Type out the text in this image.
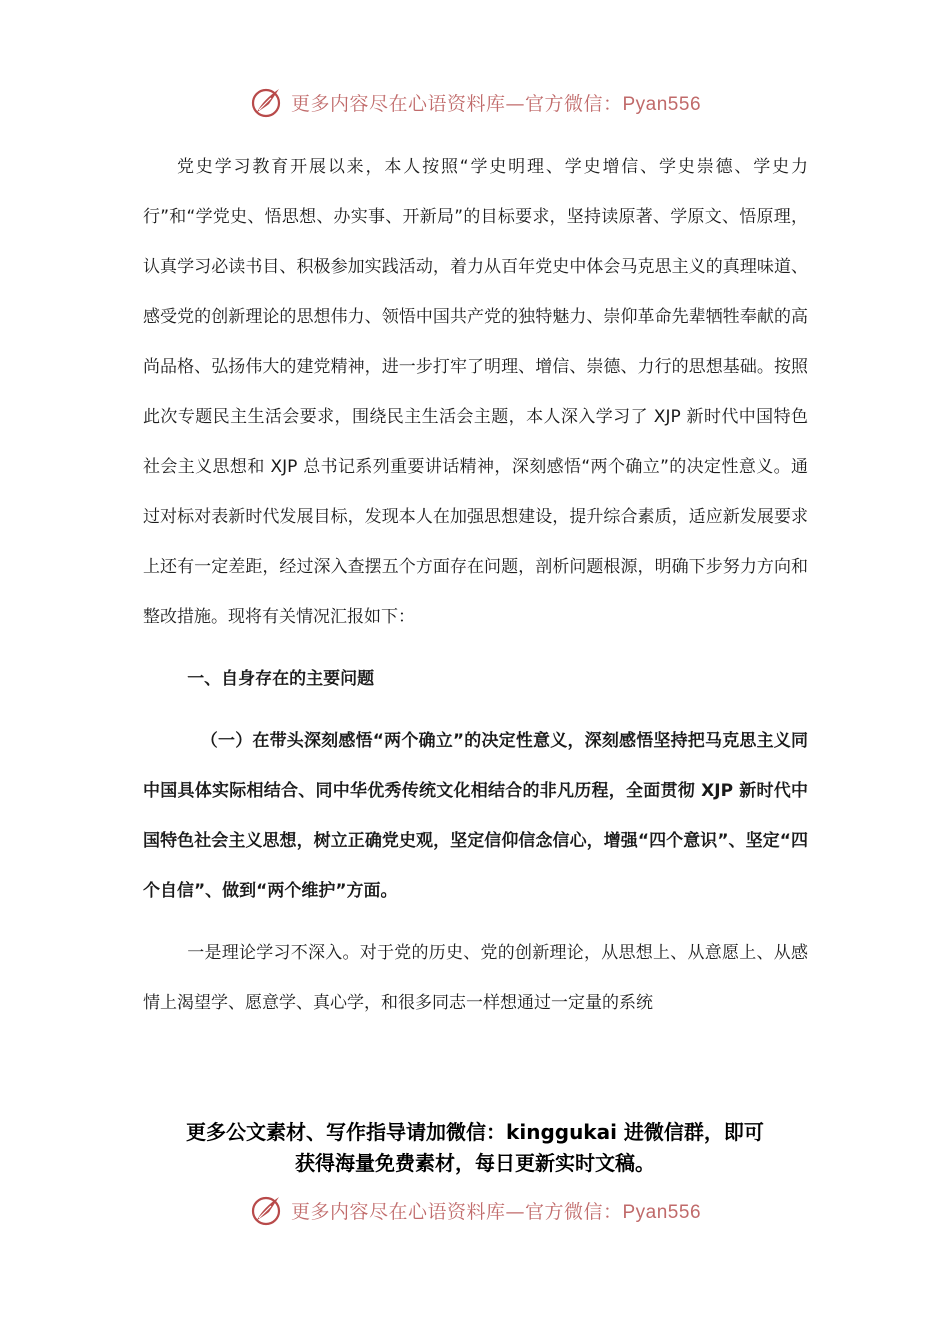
更多内容尽在心语资料库—官方微信：Pyan556

党史学习教育开展以来，本人按照“学史明理、学史增信、学史崇德、学史力行”和“学党史、悟思想、办实事、开新局”的目标要求，坚持读原著、学原文、悟原理，认真学习必读书目、积极参加实践活动，着力从百年党史中体会马克思主义的真理味道、感受党的创新理论的思想伟力、领悟中国共产党的独特魅力、崇仰革命先辈牺牲奉献的高尚品格、弘扬伟大的建党精神，进一步打牢了明理、增信、崇德、力行的思想基础。按照此次专题民主生活会要求，围绕民主生活会主题，本人深入学习了 XJP 新时代中国特色社会主义思想和 XJP 总书记系列重要讲话精神，深刻感悟“两个确立”的决定性意义。通过对标对表新时代发展目标，发现本人在加强思想建设，提升综合素质，适应新发展要求上还有一定差距，经过深入查摆五个方面存在问题，剖析问题根源，明确下步努力方向和整改措施。现将有关情况汇报如下：

一、自身存在的主要问题

（一）在带头深刻感悟“两个确立”的决定性意义，深刻感悟坚持把马克思主义同中国具体实际相结合、同中华优秀传统文化相结合的非凡历程，全面贯彻 XJP 新时代中国特色社会主义思想，树立正确党史观，坚定信仰信念信心，增强“四个意识”、坚定“四个自信”、做到“两个维护”方面。

一是理论学习不深入。对于党的历史、党的创新理论，从思想上、从意愿上、从感情上渴望学、愿意学、真心学，和很多同志一样想通过一定量的系统

更多公文素材、写作指导请加微信：kinggukai 进微信群，即可
获得海量免费素材，每日更新实时文稿。
更多内容尽在心语资料库—官方微信：Pyan556
